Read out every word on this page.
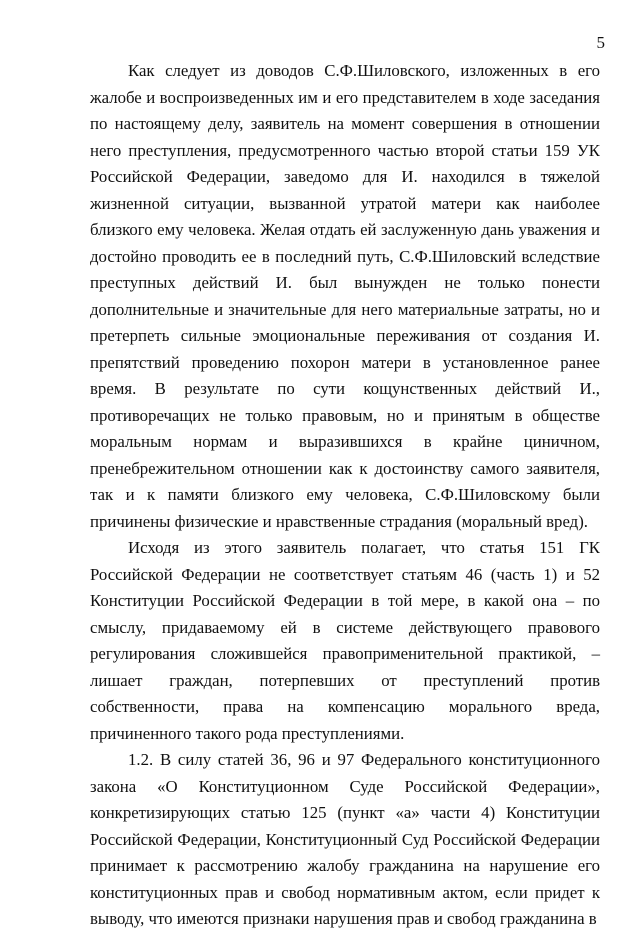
5

Как следует из доводов С.Ф.Шиловского, изложенных в его жалобе и воспроизведенных им и его представителем в ходе заседания по настоящему делу, заявитель на момент совершения в отношении него преступления, предусмотренного частью второй статьи 159 УК Российской Федерации, заведомо для И. находился в тяжелой жизненной ситуации, вызванной утратой матери как наиболее близкого ему человека. Желая отдать ей заслуженную дань уважения и достойно проводить ее в последний путь, С.Ф.Шиловский вследствие преступных действий И. был вынужден не только понести дополнительные и значительные для него материальные затраты, но и претерпеть сильные эмоциональные переживания от создания И. препятствий проведению похорон матери в установленное ранее время. В результате по сути кощунственных действий И., противоречащих не только правовым, но и принятым в обществе моральным нормам и выразившихся в крайне циничном, пренебрежительном отношении как к достоинству самого заявителя, так и к памяти близкого ему человека, С.Ф.Шиловскому были причинены физические и нравственные страдания (моральный вред).

Исходя из этого заявитель полагает, что статья 151 ГК Российской Федерации не соответствует статьям 46 (часть 1) и 52 Конституции Российской Федерации в той мере, в какой она – по смыслу, придаваемому ей в системе действующего правового регулирования сложившейся правоприменительной практикой, – лишает граждан, потерпевших от преступлений против собственности, права на компенсацию морального вреда, причиненного такого рода преступлениями.

1.2. В силу статей 36, 96 и 97 Федерального конституционного закона «О Конституционном Суде Российской Федерации», конкретизирующих статью 125 (пункт «а» части 4) Конституции Российской Федерации, Конституционный Суд Российской Федерации принимает к рассмотрению жалобу гражданина на нарушение его конституционных прав и свобод нормативным актом, если придет к выводу, что имеются признаки нарушения прав и свобод гражданина в
